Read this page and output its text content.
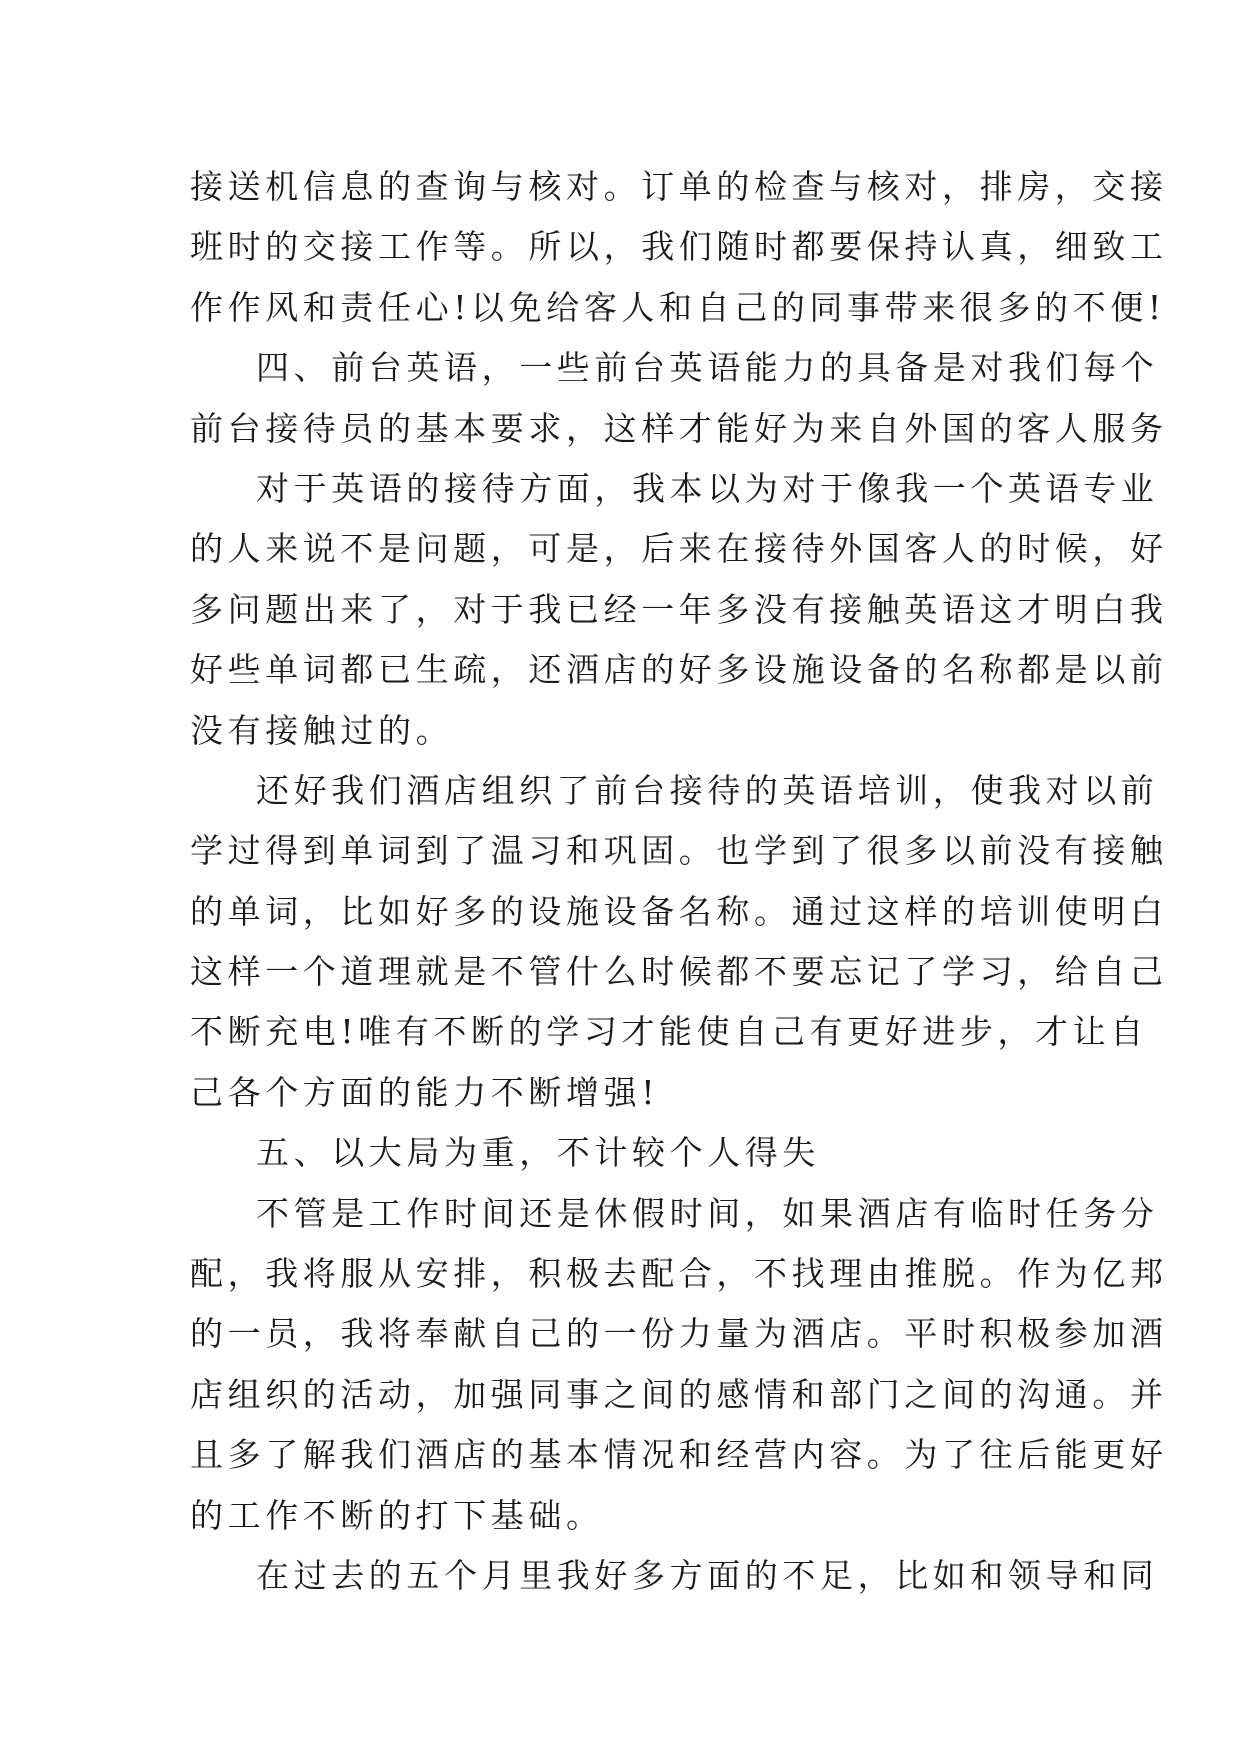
接送机信息的查询与核对。订单的检查与核对，排房，交接
班时的交接工作等。所以，我们随时都要保持认真，细致工
作作风和责任心!以免给客人和自己的同事带来很多的不便!
四、前台英语，一些前台英语能力的具备是对我们每个
前台接待员的基本要求，这样才能好为来自外国的客人服务
对于英语的接待方面，我本以为对于像我一个英语专业
的人来说不是问题，可是，后来在接待外国客人的时候，好
多问题出来了，对于我已经一年多没有接触英语这才明白我
好些单词都已生疏，还酒店的好多设施设备的名称都是以前
没有接触过的。
还好我们酒店组织了前台接待的英语培训，使我对以前
学过得到单词到了温习和巩固。也学到了很多以前没有接触
的单词，比如好多的设施设备名称。通过这样的培训使明白
这样一个道理就是不管什么时候都不要忘记了学习，给自己
不断充电!唯有不断的学习才能使自己有更好进步，才让自
己各个方面的能力不断增强!
五、以大局为重，不计较个人得失
不管是工作时间还是休假时间，如果酒店有临时任务分
配，我将服从安排，积极去配合，不找理由推脱。作为亿邦
的一员，我将奉献自己的一份力量为酒店。平时积极参加酒
店组织的活动，加强同事之间的感情和部门之间的沟通。并
且多了解我们酒店的基本情况和经营内容。为了往后能更好
的工作不断的打下基础。
在过去的五个月里我好多方面的不足，比如和领导和同
